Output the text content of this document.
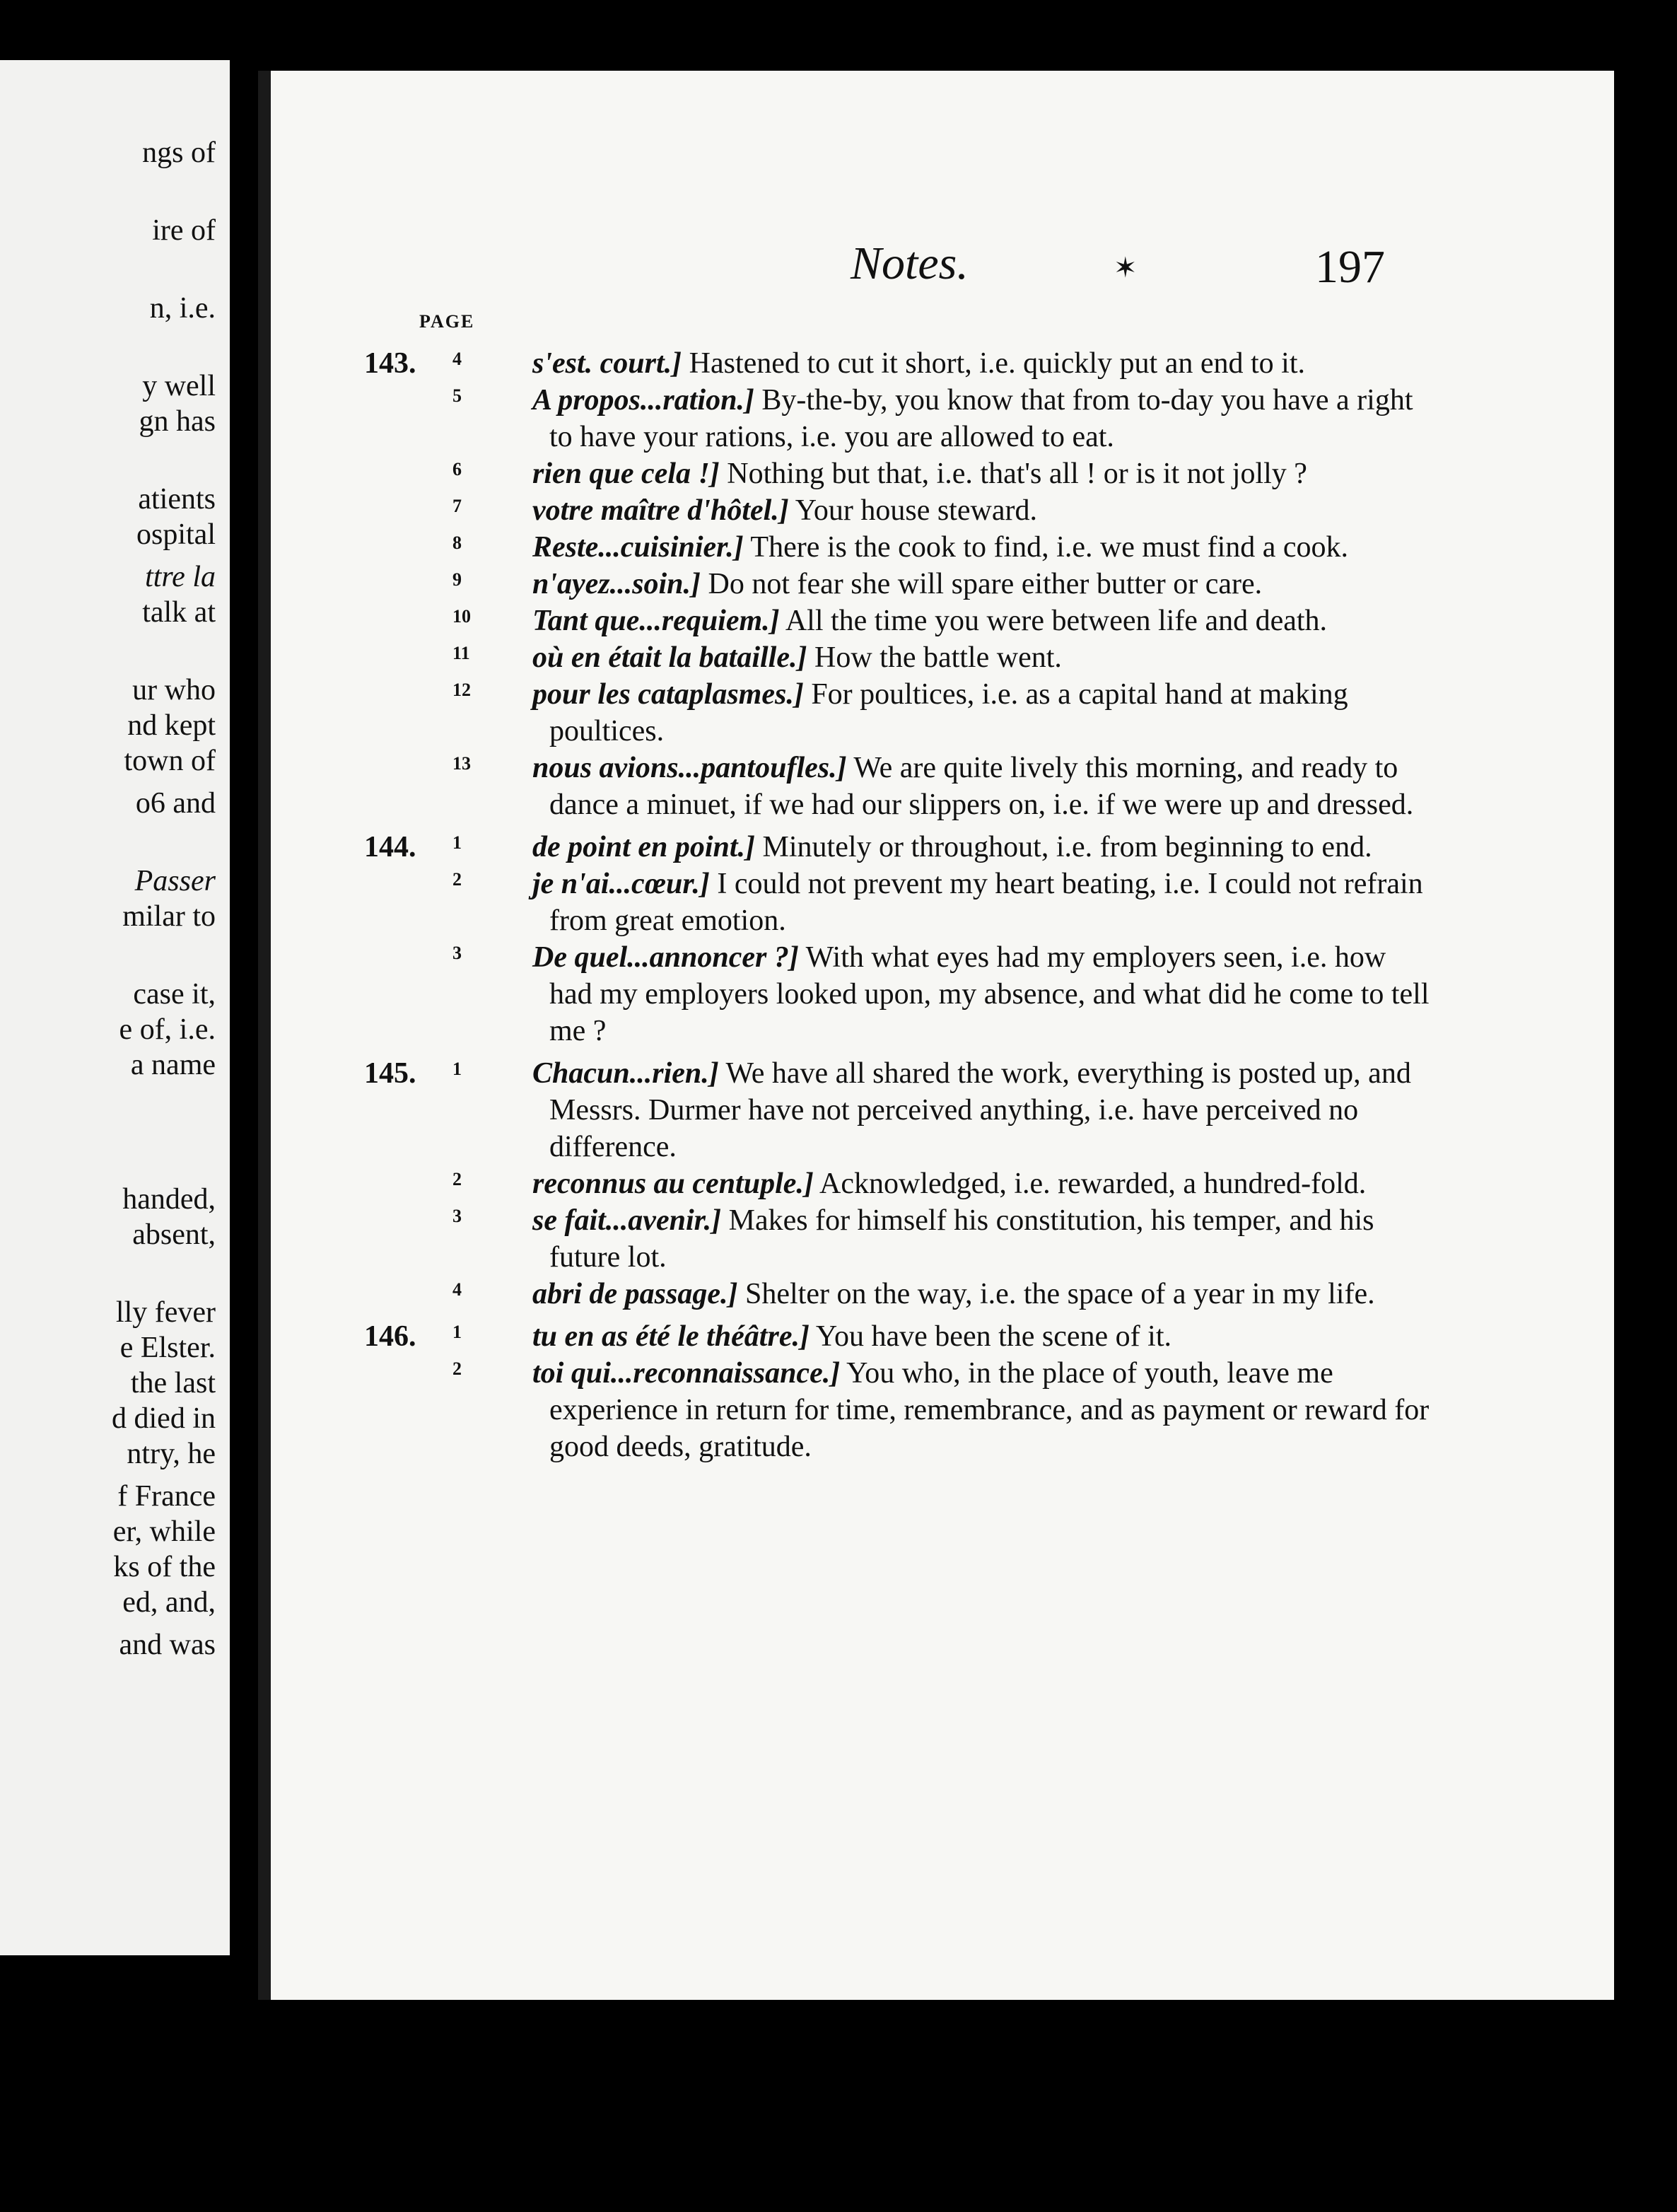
ngs of
ire of
n, i.e.
y well
gn has
atients
ospital
ttre la
talk at
ur who
nd kept
town of
o6 and
Passer
milar to
case it,
e of, i.e.
a name
handed,
absent,
lly fever
e Elster.
the last
d died in
ntry, he
f France
er, while
ks of the
ed, and,
and was
Notes.	✶	197
PAGE
143. 4 s'est. court.] Hastened to cut it short, i.e. quickly put an end to it.
5 A propos...ration.] By-the-by, you know that from to-day you have a right to have your rations, i.e. you are allowed to eat.
6 rien que cela !] Nothing but that, i.e. that's all ! or is it not jolly ?
7 votre maître d'hôtel.] Your house steward.
8 Reste...cuisinier.] There is the cook to find, i.e. we must find a cook.
9 n'ayez...soin.] Do not fear she will spare either butter or care.
10 Tant que...requiem.] All the time you were between life and death.
11 où en était la bataille.] How the battle went.
12 pour les cataplasmes.] For poultices, i.e. as a capital hand at making poultices.
13 nous avions...pantoufles.] We are quite lively this morning, and ready to dance a minuet, if we had our slippers on, i.e. if we were up and dressed.
144. 1 de point en point.] Minutely or throughout, i.e. from beginning to end.
2 je n'ai...cœur.] I could not prevent my heart beating, i.e. I could not refrain from great emotion.
3 De quel...annoncer ?] With what eyes had my employers seen, i.e. how had my employers looked upon, my absence, and what did he come to tell me ?
145. 1 Chacun...rien.] We have all shared the work, everything is posted up, and Messrs. Durmer have not perceived anything, i.e. have perceived no difference.
2 reconnus au centuple.] Acknowledged, i.e. rewarded, a hundred-fold.
3 se fait...avenir.] Makes for himself his constitution, his temper, and his future lot.
4 abri de passage.] Shelter on the way, i.e. the space of a year in my life.
146. 1 tu en as été le théâtre.] You have been the scene of it.
2 toi qui...reconnaissance.] You who, in the place of youth, leave me experience in return for time, remembrance, and as payment or reward for good deeds, gratitude.
